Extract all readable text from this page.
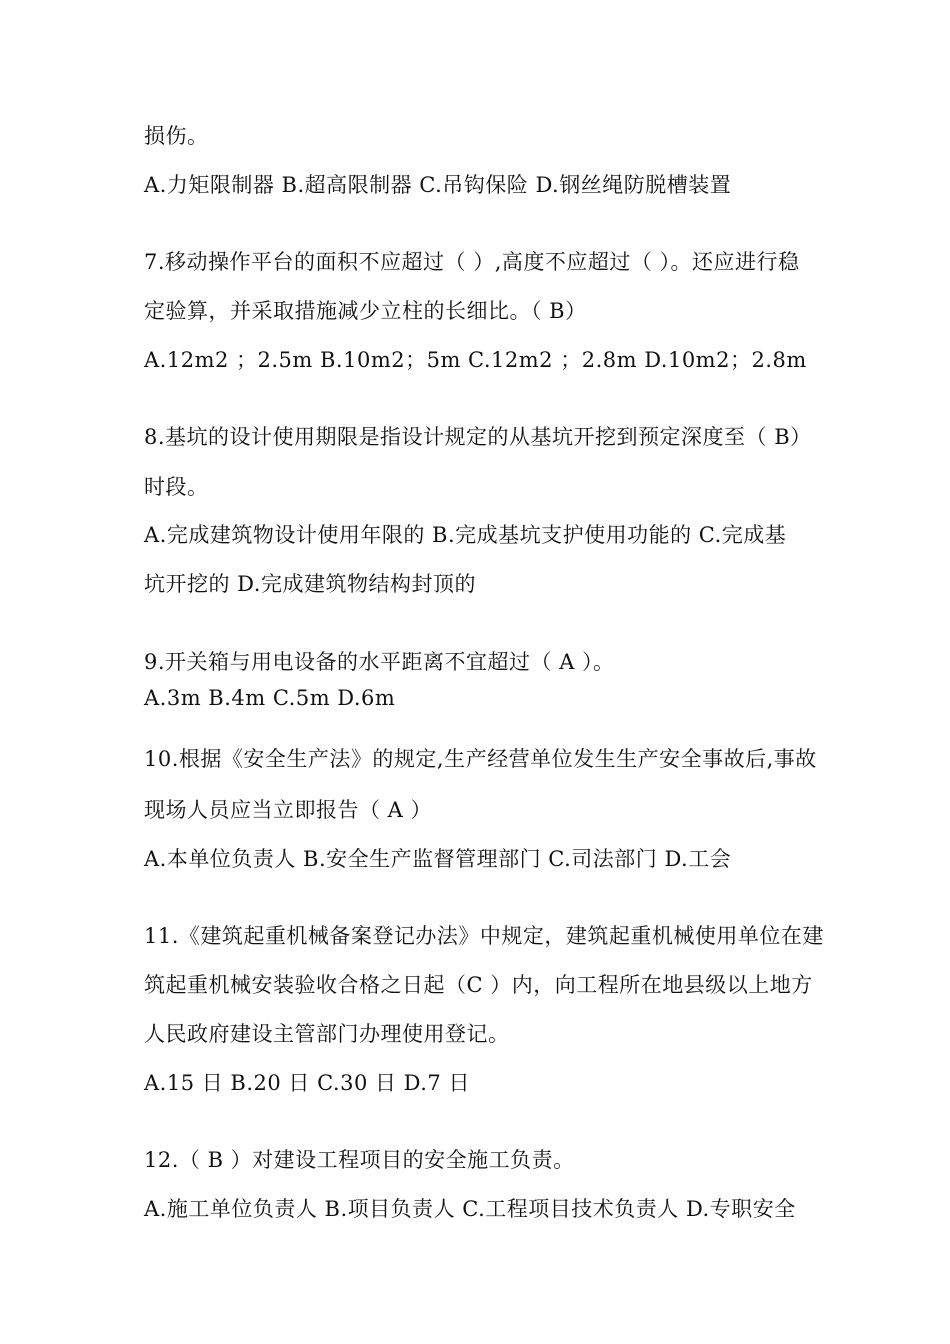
损伤。
A.力矩限制器 B.超高限制器 C.吊钩保险 D.钢丝绳防脱槽装置
7.移动操作平台的面积不应超过（ ）,高度不应超过（ ）。还应进行稳
定验算，并采取措施减少立柱的长细比。（ B）
A.12m2 ；2.5m B.10m2；5m C.12m2 ；2.8m D.10m2；2.8m
8.基坑的设计使用期限是指设计规定的从基坑开挖到预定深度至（ B）
时段。
A.完成建筑物设计使用年限的 B.完成基坑支护使用功能的 C.完成基
坑开挖的 D.完成建筑物结构封顶的
9.开关箱与用电设备的水平距离不宜超过（ A ）。
A.3m B.4m C.5m D.6m
10.根据《安全生产法》的规定,生产经营单位发生生产安全事故后,事故
现场人员应当立即报告（ A ）
A.本单位负责人 B.安全生产监督管理部门 C.司法部门 D.工会
11.《建筑起重机械备案登记办法》中规定，建筑起重机械使用单位在建
筑起重机械安装验收合格之日起（C ）内，向工程所在地县级以上地方
人民政府建设主管部门办理使用登记。
A.15 日 B.20 日 C.30 日 D.7 日
12.（ B ）对建设工程项目的安全施工负责。
A.施工单位负责人 B.项目负责人 C.工程项目技术负责人 D.专职安全
